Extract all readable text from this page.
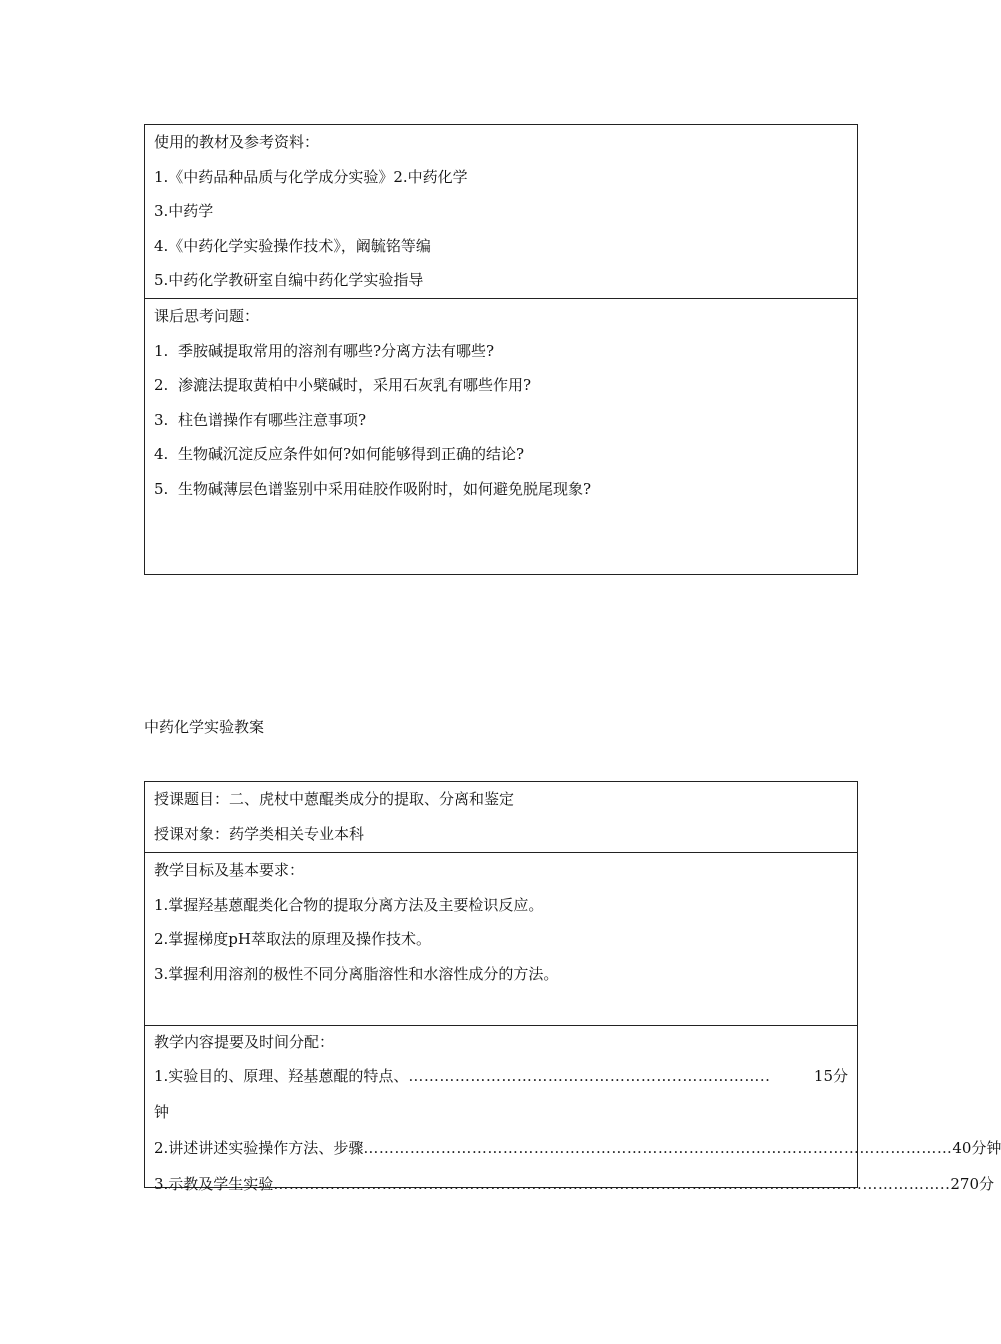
使用的教材及参考资料：
1.《中药品种品质与化学成分实验》2.中药化学
3.中药学
4.《中药化学实验操作技术》，阚毓铭等编
5.中药化学教研室自编中药化学实验指导
课后思考问题：
1. 季胺碱提取常用的溶剂有哪些?分离方法有哪些?
2. 渗漉法提取黄柏中小檗碱时，采用石灰乳有哪些作用?
3. 柱色谱操作有哪些注意事项?
4. 生物碱沉淀反应条件如何?如何能够得到正确的结论?
5. 生物碱薄层色谱鉴别中采用硅胶作吸附时，如何避免脱尾现象?
中药化学实验教案
授课题目：二、虎杖中蒽醌类成分的提取、分离和鉴定
授课对象：药学类相关专业本科
教学目标及基本要求：
1.掌握羟基蒽醌类化合物的提取分离方法及主要检识反应。
2.掌握梯度pH萃取法的原理及操作技术。
3.掌握利用溶剂的极性不同分离脂溶性和水溶性成分的方法。
教学内容提要及时间分配：
1.实验目的、原理、羟基蒽醌的特点、 ……………………………………………..……………..	15分
钟
2.讲述讲述实验操作方法、步骤 …………………………………………………………………………………………………… 40分钟
3.示教及学生实验 ………………………………………………………………………………………………………………….. 270分
